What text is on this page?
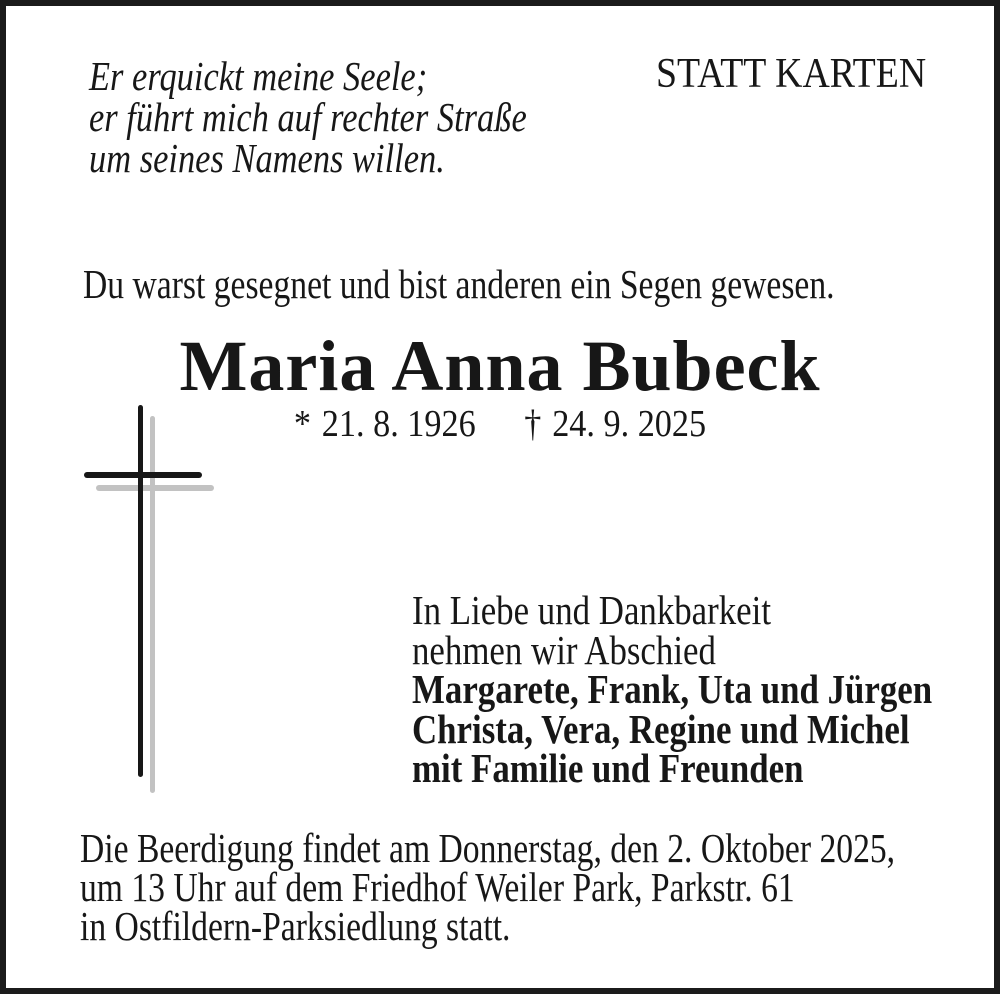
Er erquickt meine Seele;
er führt mich auf rechter Straße
um seines Namens willen.
STATT KARTEN
Du warst gesegnet und bist anderen ein Segen gewesen.
Maria Anna Bubeck
* 21. 8. 1926 † 24. 9. 2025
In Liebe und Dankbarkeit
nehmen wir Abschied
Margarete, Frank, Uta und Jürgen
Christa, Vera, Regine und Michel
mit Familie und Freunden
Die Beerdigung findet am Donnerstag, den 2. Oktober 2025,
um 13 Uhr auf dem Friedhof Weiler Park, Parkstr. 61
in Ostfildern-Parksiedlung statt.
